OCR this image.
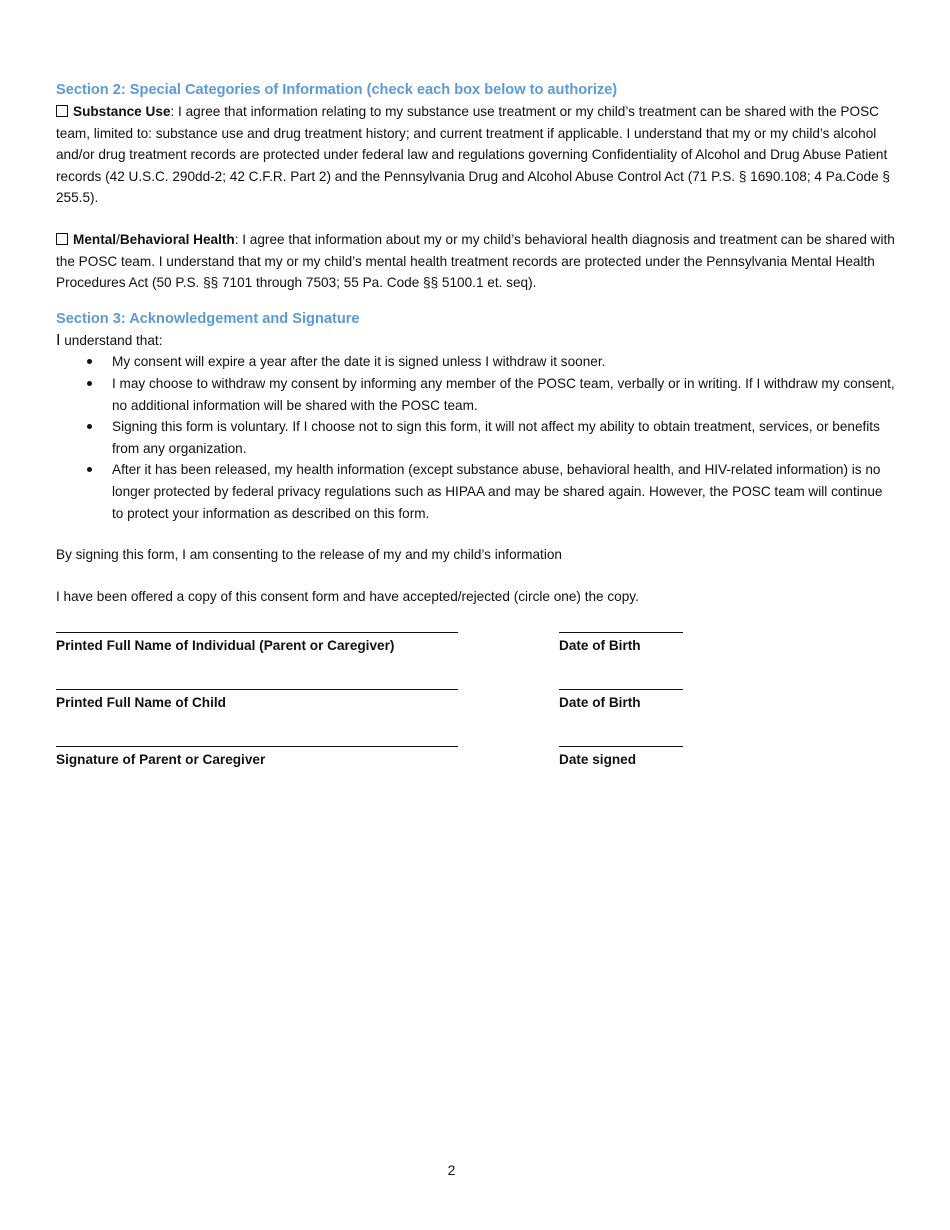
Section 2: Special Categories of Information (check each box below to authorize)

Substance Use: I agree that information relating to my substance use treatment or my child’s treatment can be shared with the POSC team, limited to: substance use and drug treatment history; and current treatment if applicable. I understand that my or my child’s alcohol and/or drug treatment records are protected under federal law and regulations governing Confidentiality of Alcohol and Drug Abuse Patient records (42 U.S.C. 290dd-2; 42 C.F.R. Part 2) and the Pennsylvania Drug and Alcohol Abuse Control Act (71 P.S. § 1690.108; 4 Pa.Code § 255.5).

Mental/Behavioral Health: I agree that information about my or my child’s behavioral health diagnosis and treatment can be shared with the POSC team. I understand that my or my child’s mental health treatment records are protected under the Pennsylvania Mental Health Procedures Act (50 P.S. §§ 7101 through 7503; 55 Pa. Code §§ 5100.1 et. seq).

Section 3: Acknowledgement and Signature

I understand that:

My consent will expire a year after the date it is signed unless I withdraw it sooner.
I may choose to withdraw my consent by informing any member of the POSC team, verbally or in writing. If I withdraw my consent, no additional information will be shared with the POSC team.
Signing this form is voluntary. If I choose not to sign this form, it will not affect my ability to obtain treatment, services, or benefits from any organization.
After it has been released, my health information (except substance abuse, behavioral health, and HIV-related information) is no longer protected by federal privacy regulations such as HIPAA and may be shared again. However, the POSC team will continue to protect your information as described on this form.

By signing this form, I am consenting to the release of my and my child’s information

I have been offered a copy of this consent form and have accepted/rejected (circle one) the copy.

Printed Full Name of Individual (Parent or Caregiver)	Date of Birth
Printed Full Name of Child	Date of Birth
Signature of Parent or Caregiver	Date signed
2
